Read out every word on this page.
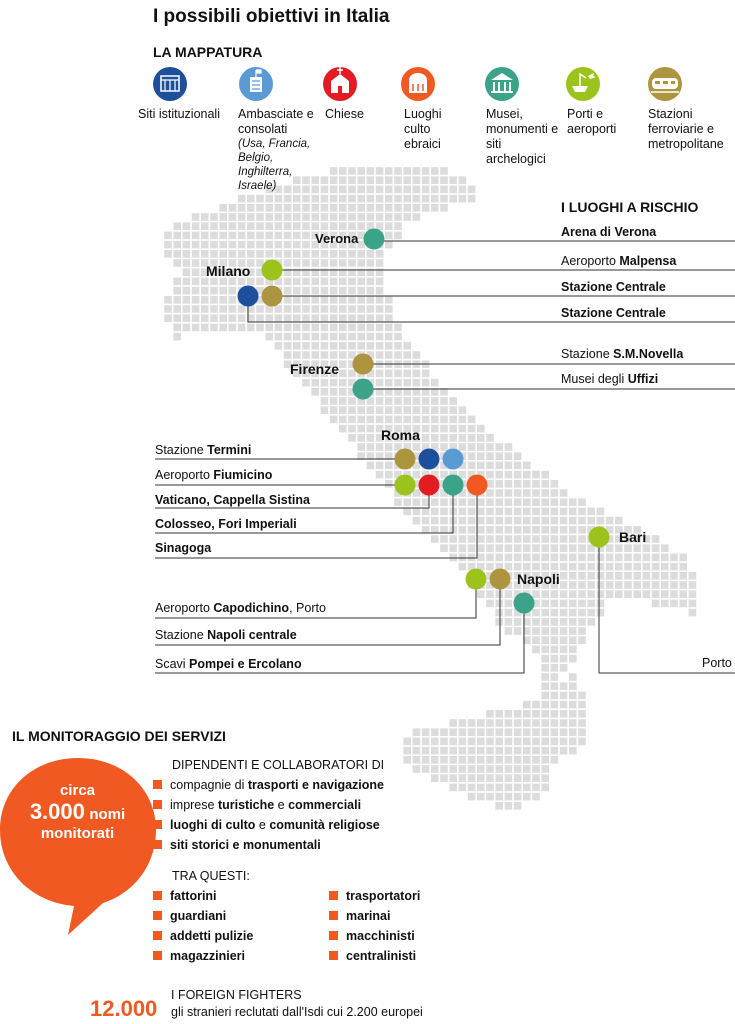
I possibili obiettivi in Italia
LA MAPPATURA
Siti istituzionali	Ambasciate e consolati
(Usa, Francia, Belgio, Inghilterra, Israele)
Chiese	Luoghi culto ebraici
Musei, monumenti e siti archelogici
Porti e aeroporti
Stazioni ferroviarie e metropolitane
I LUOGHI A RISCHIO
Verona
Milano
Firenze
Roma
Bari
Napoli
Arena di Verona
Aeroporto Malpensa
Stazione Centrale
Stazione Centrale
Stazione S.M.Novella
Musei degli Uffizi
Stazione Termini
Aeroporto Fiumicino
Vaticano, Cappella Sistina
Colosseo, Fori Imperiali
Sinagoga
Aeroporto Capodichino, Porto
Stazione Napoli centrale
Scavi Pompei e Ercolano	Porto
IL MONITORAGGIO DEI SERVIZI
circa
3.000 nomi
monitorati
DIPENDENTI E COLLABORATORI DI
compagnie di trasporti e navigazione
imprese turistiche e commerciali
luoghi di culto e comunità religiose
siti storici e monumentali
TRA QUESTI:
fattorini
guardiani
addetti pulizie
magazzinieri
trasportatori
marinai
macchinisti
centralinisti
12.000
I FOREIGN FIGHTERS
gli stranieri reclutati dall'Isdi cui 2.200 europei
